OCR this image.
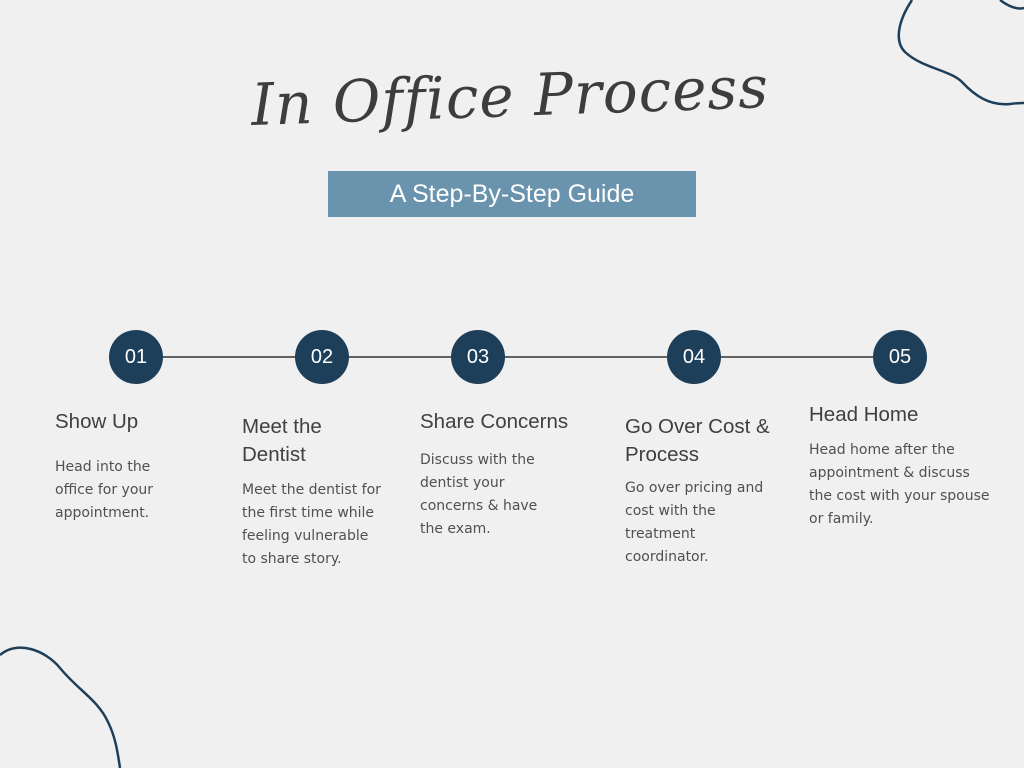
In Office Process
A Step-By-Step Guide
01	02	03	04	05

Show Up

Head into the

office for your

appointment.

Meet the

Dentist

Meet the dentist for

the first time while

feeling vulnerable

to share story.

Share Concerns

Discuss with the

dentist your

concerns & have

the exam.

Go Over Cost &

Process

Go over pricing and

cost with the

treatment

coordinator.

Head Home

Head home after the

appointment & discuss

the cost with your spouse

or family.
